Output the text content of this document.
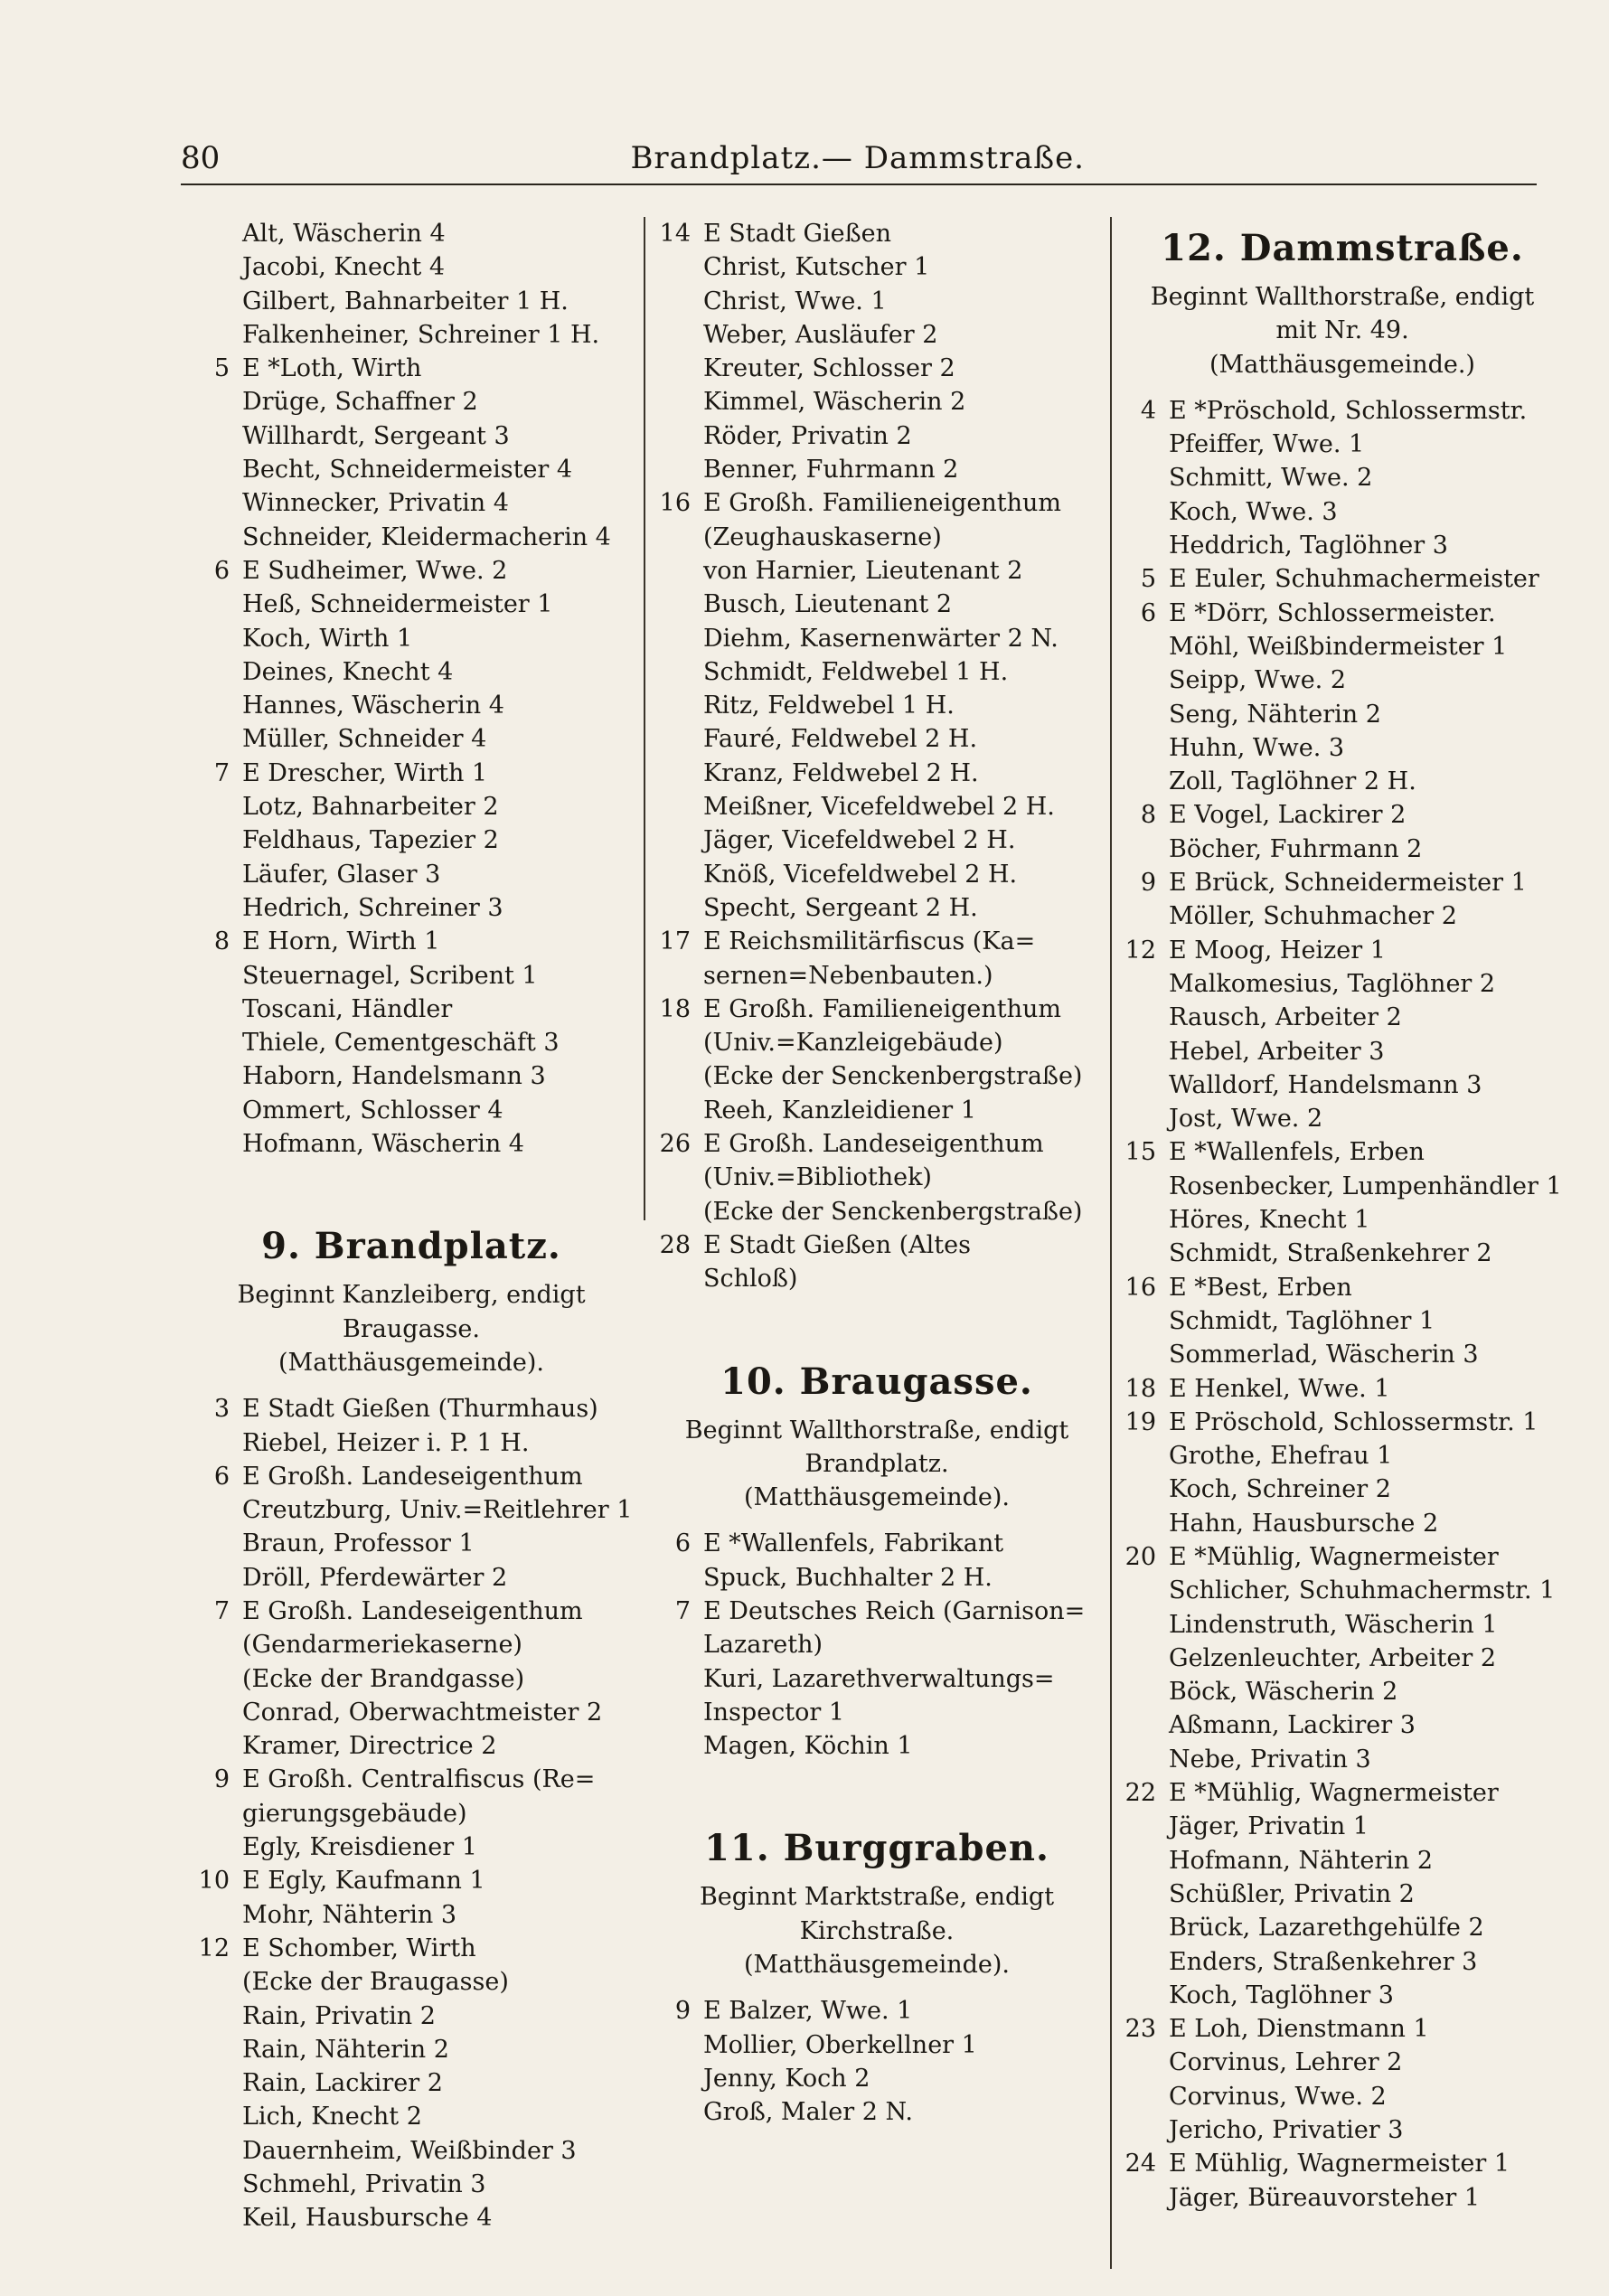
80	Brandplatz.— Dammstraße.
Alt, Wäscherin 4
Jacobi, Knecht 4
Gilbert, Bahnarbeiter 1 H.
Falkenheiner, Schreiner 1 H.
5 E *Loth, Wirth
Drüge, Schaffner 2
Willhardt, Sergeant 3
Becht, Schneidermeister 4
Winnecker, Privatin 4
Schneider, Kleidermacherin 4
6 E Sudheimer, Wwe. 2
Heß, Schneidermeister 1
Koch, Wirth 1
Deines, Knecht 4
Hannes, Wäscherin 4
Müller, Schneider 4
7 E Drescher, Wirth 1
Lotz, Bahnarbeiter 2
Feldhaus, Tapezier 2
Läufer, Glaser 3
Hedrich, Schreiner 3
8 E Horn, Wirth 1
Steuernagel, Scribent 1
Toscani, Händler
Thiele, Cementgeschäft 3
Haborn, Handelsmann 3
Ommert, Schlosser 4
Hofmann, Wäscherin 4
9. Brandplatz.
Beginnt Kanzleiberg, endigt
Braugasse.
(Matthäusgemeinde).
3 E Stadt Gießen (Thurmhaus)
Riebel, Heizer i. P. 1 H.
6 E Großh. Landeseigenthum
Creutzburg, Univ.=Reitlehrer 1
Braun, Professor 1
Dröll, Pferdewärter 2
7 E Großh. Landeseigenthum
(Gendarmeriekaserne)
(Ecke der Brandgasse)
Conrad, Oberwachtmeister 2
Kramer, Directrice 2
9 E Großh. Centralfiscus (Re=
gierungsgebäude)
Egly, Kreisdiener 1
10 E Egly, Kaufmann 1
Mohr, Nähterin 3
12 E Schomber, Wirth
(Ecke der Braugasse)
Rain, Privatin 2
Rain, Nähterin 2
Rain, Lackirer 2
Lich, Knecht 2
Dauernheim, Weißbinder 3
Schmehl, Privatin 3
Keil, Hausbursche 4
14 E Stadt Gießen
Christ, Kutscher 1
Christ, Wwe. 1
Weber, Ausläufer 2
Kreuter, Schlosser 2
Kimmel, Wäscherin 2
Röder, Privatin 2
Benner, Fuhrmann 2
16 E Großh. Familieneigenthum
(Zeughauskaserne)
von Harnier, Lieutenant 2
Busch, Lieutenant 2
Diehm, Kasernenwärter 2 N.
Schmidt, Feldwebel 1 H.
Ritz, Feldwebel 1 H.
Fauré, Feldwebel 2 H.
Kranz, Feldwebel 2 H.
Meißner, Vicefeldwebel 2 H.
Jäger, Vicefeldwebel 2 H.
Knöß, Vicefeldwebel 2 H.
Specht, Sergeant 2 H.
17 E Reichsmilitärfiscus (Ka=
sernen=Nebenbauten.)
18 E Großh. Familieneigenthum
(Univ.=Kanzleigebäude)
(Ecke der Senckenbergstraße)
Reeh, Kanzleidiener 1
26 E Großh. Landeseigenthum
(Univ.=Bibliothek)
(Ecke der Senckenbergstraße)
28 E Stadt Gießen (Altes
Schloß)
10. Braugasse.
Beginnt Wallthorstraße, endigt
Brandplatz.
(Matthäusgemeinde).
6 E *Wallenfels, Fabrikant
Spuck, Buchhalter 2 H.
7 E Deutsches Reich (Garnison=
Lazareth)
Kuri, Lazarethverwaltungs=
Inspector 1
Magen, Köchin 1
11. Burggraben.
Beginnt Marktstraße, endigt
Kirchstraße.
(Matthäusgemeinde).
9 E Balzer, Wwe. 1
Mollier, Oberkellner 1
Jenny, Koch 2
Groß, Maler 2 N.
12. Dammstraße.
Beginnt Wallthorstraße, endigt
mit Nr. 49.
(Matthäusgemeinde.)
4 E *Pröschold, Schlossermstr.
Pfeiffer, Wwe. 1
Schmitt, Wwe. 2
Koch, Wwe. 3
Heddrich, Taglöhner 3
5 E Euler, Schuhmachermeister
6 E *Dörr, Schlossermeister.
Möhl, Weißbindermeister 1
Seipp, Wwe. 2
Seng, Nähterin 2
Huhn, Wwe. 3
Zoll, Taglöhner 2 H.
8 E Vogel, Lackirer 2
Böcher, Fuhrmann 2
9 E Brück, Schneidermeister 1
Möller, Schuhmacher 2
12 E Moog, Heizer 1
Malkomesius, Taglöhner 2
Rausch, Arbeiter 2
Hebel, Arbeiter 3
Walldorf, Handelsmann 3
Jost, Wwe. 2
15 E *Wallenfels, Erben
Rosenbecker, Lumpenhändler 1
Höres, Knecht 1
Schmidt, Straßenkehrer 2
16 E *Best, Erben
Schmidt, Taglöhner 1
Sommerlad, Wäscherin 3
18 E Henkel, Wwe. 1
19 E Pröschold, Schlossermstr. 1
Grothe, Ehefrau 1
Koch, Schreiner 2
Hahn, Hausbursche 2
20 E *Mühlig, Wagnermeister
Schlicher, Schuhmachermstr. 1
Lindenstruth, Wäscherin 1
Gelzenleuchter, Arbeiter 2
Böck, Wäscherin 2
Aßmann, Lackirer 3
Nebe, Privatin 3
22 E *Mühlig, Wagnermeister
Jäger, Privatin 1
Hofmann, Nähterin 2
Schüßler, Privatin 2
Brück, Lazarethgehülfe 2
Enders, Straßenkehrer 3
Koch, Taglöhner 3
23 E Loh, Dienstmann 1
Corvinus, Lehrer 2
Corvinus, Wwe. 2
Jericho, Privatier 3
24 E Mühlig, Wagnermeister 1
Jäger, Büreauvorsteher 1
